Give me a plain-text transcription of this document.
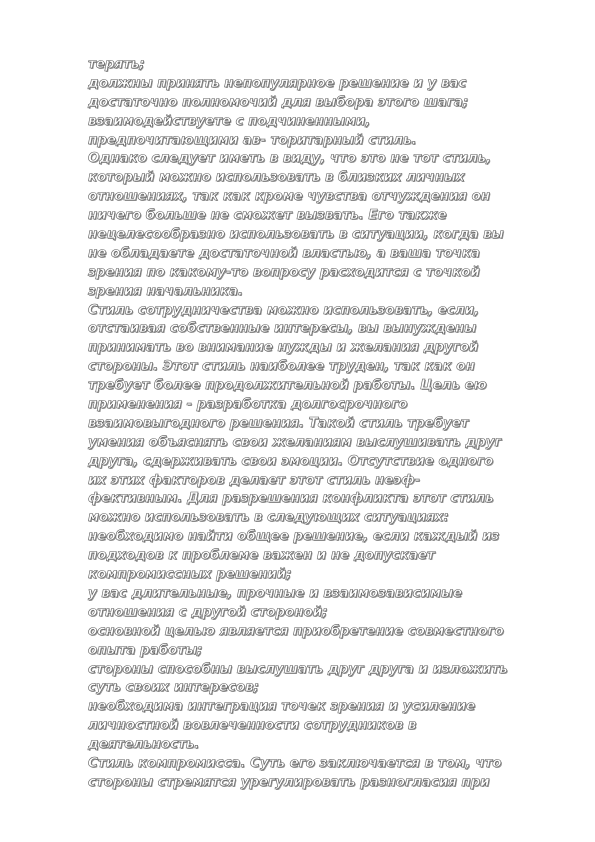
терять;
должны принять непопулярное решение и у вас
достаточно полномочий для выбора этого шага;
взаимодействуете с подчиненными,
предпочитающими ав- торитарный стиль.
Однако следует иметь в виду, что это не тот стиль,
который можно использовать в близких личных
отношениях, так как кроме чувства отчуждения он
ничего больше не сможет вызвать. Его также
нецелесообразно использовать в ситуации, когда вы
не обладаете достаточной властью, а ваша точка
зрения по какому-то вопросу расходится с точкой
зрения начальника.
Стиль сотрудничества можно использовать, если,
отстаивая собственные интересы, вы вынуждены
принимать во внимание нужды и желания другой
стороны. Этот стиль наиболее труден, так как он
требует более продолжительной работы. Цель ею
применения - разработка долгосрочного
взаимовыгодного решения. Такой стиль требует
умения объяснять свои желаниям выслушивать друг
друга, сдерживать свои эмоции. Отсутствие одного
их этих факторов делает этот стиль неэф-
фективным. Для разрешения конфликта этот стиль
можно использовать в следующих ситуациях:
необходимо найти общее решение, если каждый из
подходов к проблеме важен и не допускает
компромиссных решений;
у вас длительные, прочные и взаимозависимые
отношения с другой стороной;
основной целью является приобретение совместного
опыта работы;
стороны способны выслушать друг друга и изложить
суть своих интересов;
необходима интеграция точек зрения и усиление
личностной вовлеченности сотрудников в
деятельность.
Стиль компромисса. Суть его заключается в том, что
стороны стремятся урегулировать разногласия при
